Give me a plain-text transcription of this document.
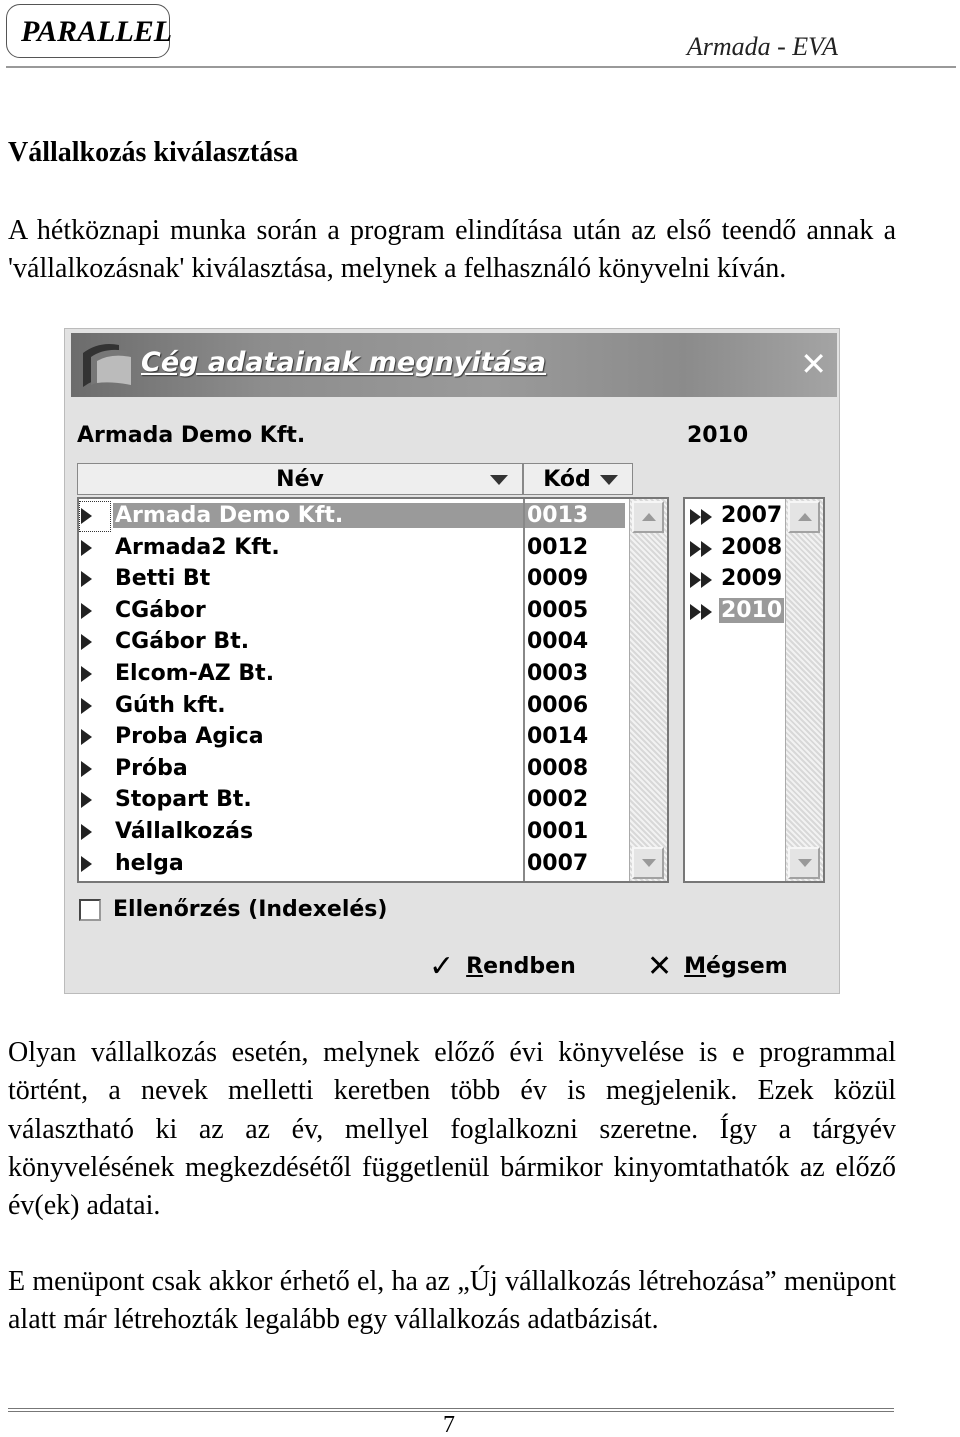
PARALLEL	Armada - EVA
Vállalkozás kiválasztása

A hétköznapi munka során a program elindítása után az első teendő annak a 'vállalkozásnak' kiválasztása, melynek a felhasználó könyvelni kíván.

Cég adatainak megnyitása	✕
Armada Demo Kft.	2010
Név	Kód
Armada Demo Kft.	0013
Armada2 Kft.	0012
Betti Bt	0009
CGábor	0005
CGábor Bt.	0004
Elcom-AZ Bt.	0003
Gúth kft.	0006
Proba Agica	0014
Próba	0008
Stopart Bt.	0002
Vállalkozás	0001
helga	0007
2007
2008
2009
2010
Ellenőrzés (Indexelés)
✓ R endben ✕ M égsem

Olyan vállalkozás esetén, melynek előző évi könyvelése is e programmal történt, a nevek melletti keretben több év is megjelenik. Ezek közül választható ki az az év, mellyel foglalkozni szeretne. Így a tárgyév könyvelésének megkezdésétől függetlenül bármikor kinyomtathatók az előző év(ek) adatai.

E menüpont csak akkor érhető el, ha az „Új vállalkozás létrehozása” menüpont alatt már létrehozták legalább egy vállalkozás adatbázisát.

7
